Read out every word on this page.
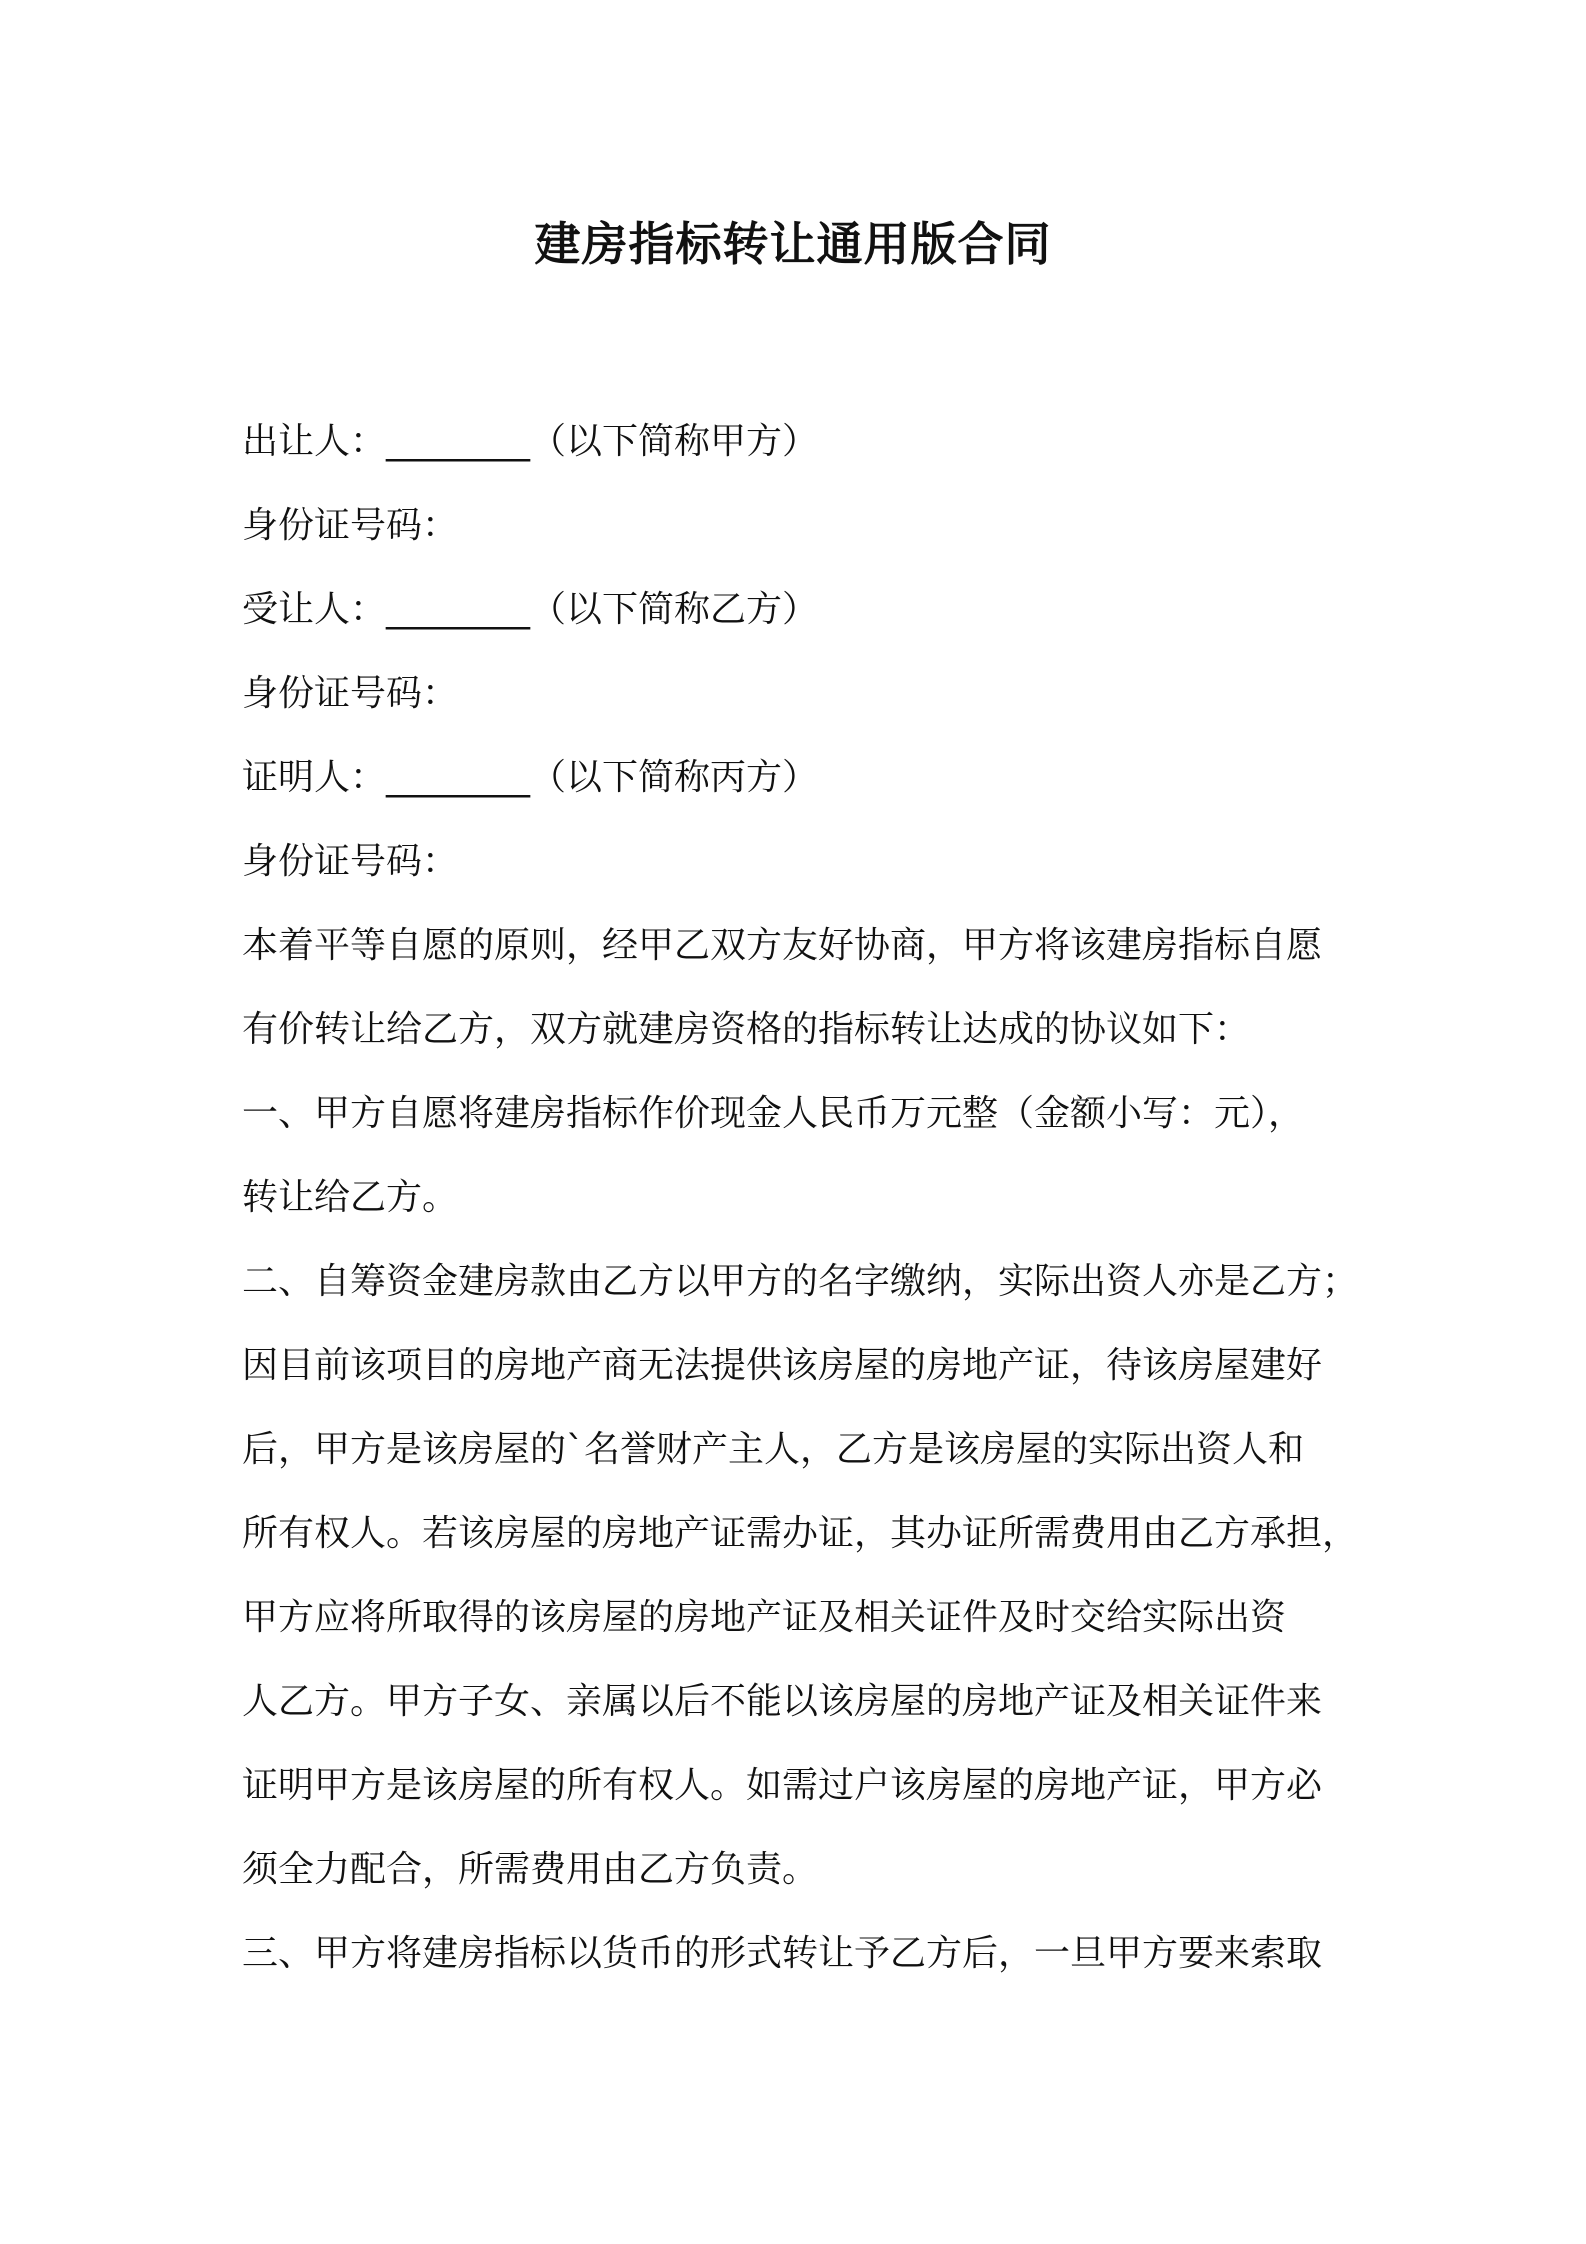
建房指标转让通用版合同
出让人：________（以下简称甲方）
身份证号码：
受让人：________（以下简称乙方）
身份证号码：
证明人：________（以下简称丙方）
身份证号码：
本着平等自愿的原则，经甲乙双方友好协商，甲方将该建房指标自愿
有价转让给乙方，双方就建房资格的指标转让达成的协议如下：
一、甲方自愿将建房指标作价现金人民币万元整（金额小写：元），
转让给乙方。
二、自筹资金建房款由乙方以甲方的名字缴纳，实际出资人亦是乙方；
因目前该项目的房地产商无法提供该房屋的房地产证，待该房屋建好
后，甲方是该房屋的`名誉财产主人，乙方是该房屋的实际出资人和
所有权人。若该房屋的房地产证需办证，其办证所需费用由乙方承担，
甲方应将所取得的该房屋的房地产证及相关证件及时交给实际出资
人乙方。甲方子女、亲属以后不能以该房屋的房地产证及相关证件来
证明甲方是该房屋的所有权人。如需过户该房屋的房地产证，甲方必
须全力配合，所需费用由乙方负责。
三、甲方将建房指标以货币的形式转让予乙方后，一旦甲方要来索取
